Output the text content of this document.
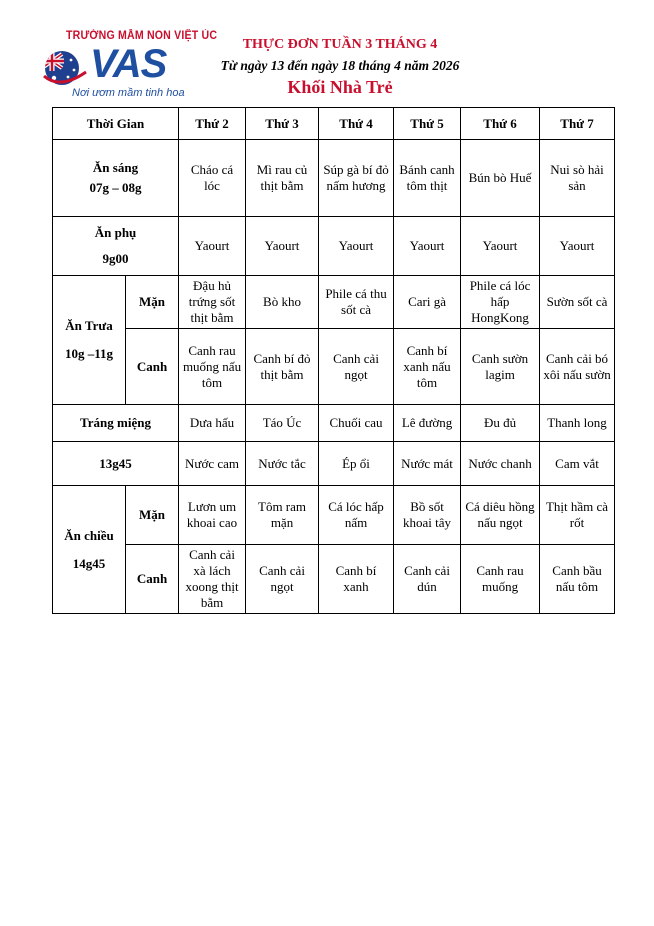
TRƯỜNG MẦM NON VIỆT ÚC
VAS
Nơi ươm mầm tinh hoa
THỰC ĐƠN TUẦN 3 THÁNG 4
Từ ngày 13 đến ngày 18 tháng 4 năm 2026
Khối Nhà Trẻ
Thời Gian		Thứ 2	Thứ 3	Thứ 4	Thứ 5	Thứ 6	Thứ 7

Ăn sáng
07g – 08g		Cháo cá lóc	Mì rau củ thịt bằm	Súp gà bí đỏ nấm hương	Bánh canh tôm thịt	Bún bò Huế	Nui sò hải sản

Ăn phụ
9g00		Yaourt	Yaourt	Yaourt	Yaourt	Yaourt	Yaourt

Ăn Trưa
10g –11g	Mặn	Đậu hủ trứng sốt thịt bằm	Bò kho	Phile cá thu sốt cà	Cari gà	Phile cá lóc hấp HongKong	Sườn sốt cà
	Canh	Canh rau muống nấu tôm	Canh bí đỏ thịt bằm	Canh cải ngọt	Canh bí xanh nấu tôm	Canh sườn lagim	Canh cải bó xôi nấu sườn
Tráng miệng		Dưa hấu	Táo Úc	Chuối cau	Lê đường	Đu đủ	Thanh long
13g45		Nước cam	Nước tắc	Ép ổi	Nước mát	Nước chanh	Cam vắt

Ăn chiều
14g45	Mặn	Lươn um khoai cao	Tôm ram mặn	Cá lóc hấp nấm	Bồ sốt khoai tây	Cá diêu hồng nấu ngọt	Thịt hầm cà rốt
	Canh	Canh cải xà lách xoong thịt bằm	Canh cải ngọt	Canh bí xanh	Canh cải dún	Canh rau muống	Canh bầu nấu tôm
